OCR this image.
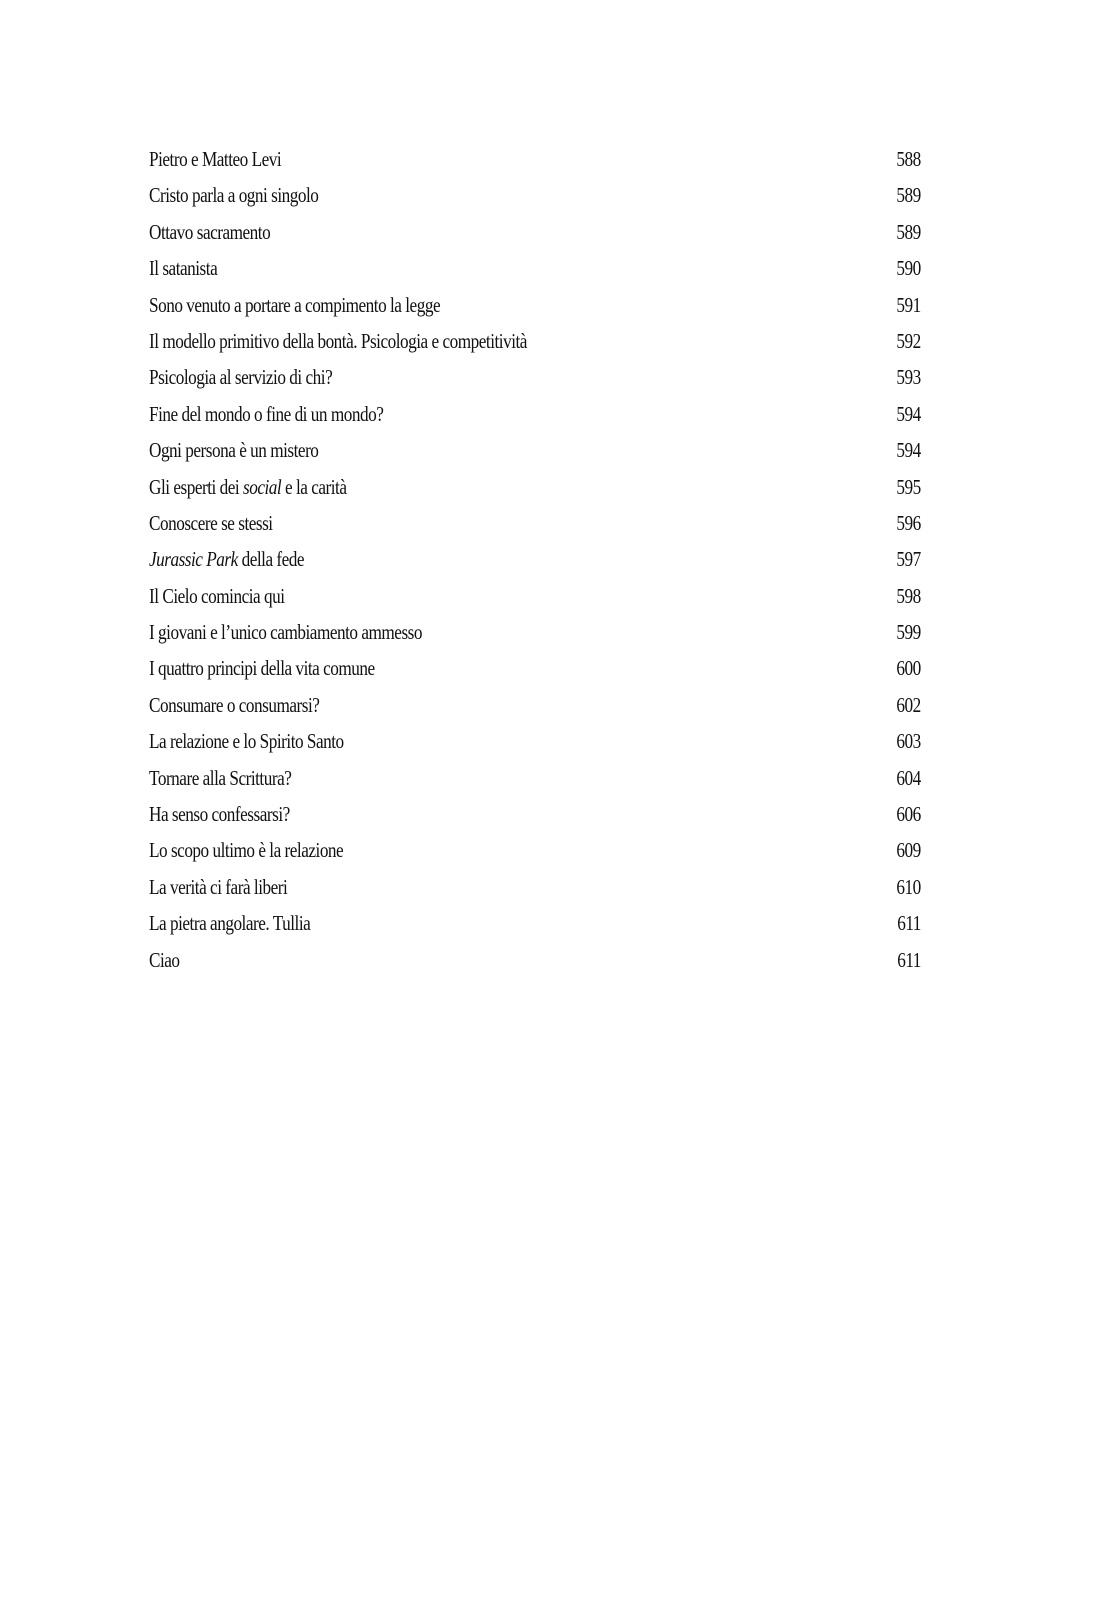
Pietro e Matteo Levi	588
Cristo parla a ogni singolo	589
Ottavo sacramento	589
Il satanista	590
Sono venuto a portare a compimento la legge	591
Il modello primitivo della bontà. Psicologia e competitività	592
Psicologia al servizio di chi?	593
Fine del mondo o fine di un mondo?	594
Ogni persona è un mistero	594
Gli esperti dei social e la carità	595
Conoscere se stessi	596
Jurassic Park della fede	597
Il Cielo comincia qui	598
I giovani e l’unico cambiamento ammesso	599
I quattro principi della vita comune	600
Consumare o consumarsi?	602
La relazione e lo Spirito Santo	603
Tornare alla Scrittura?	604
Ha senso confessarsi?	606
Lo scopo ultimo è la relazione	609
La verità ci farà liberi	610
La pietra angolare. Tullia	611
Ciao	611
